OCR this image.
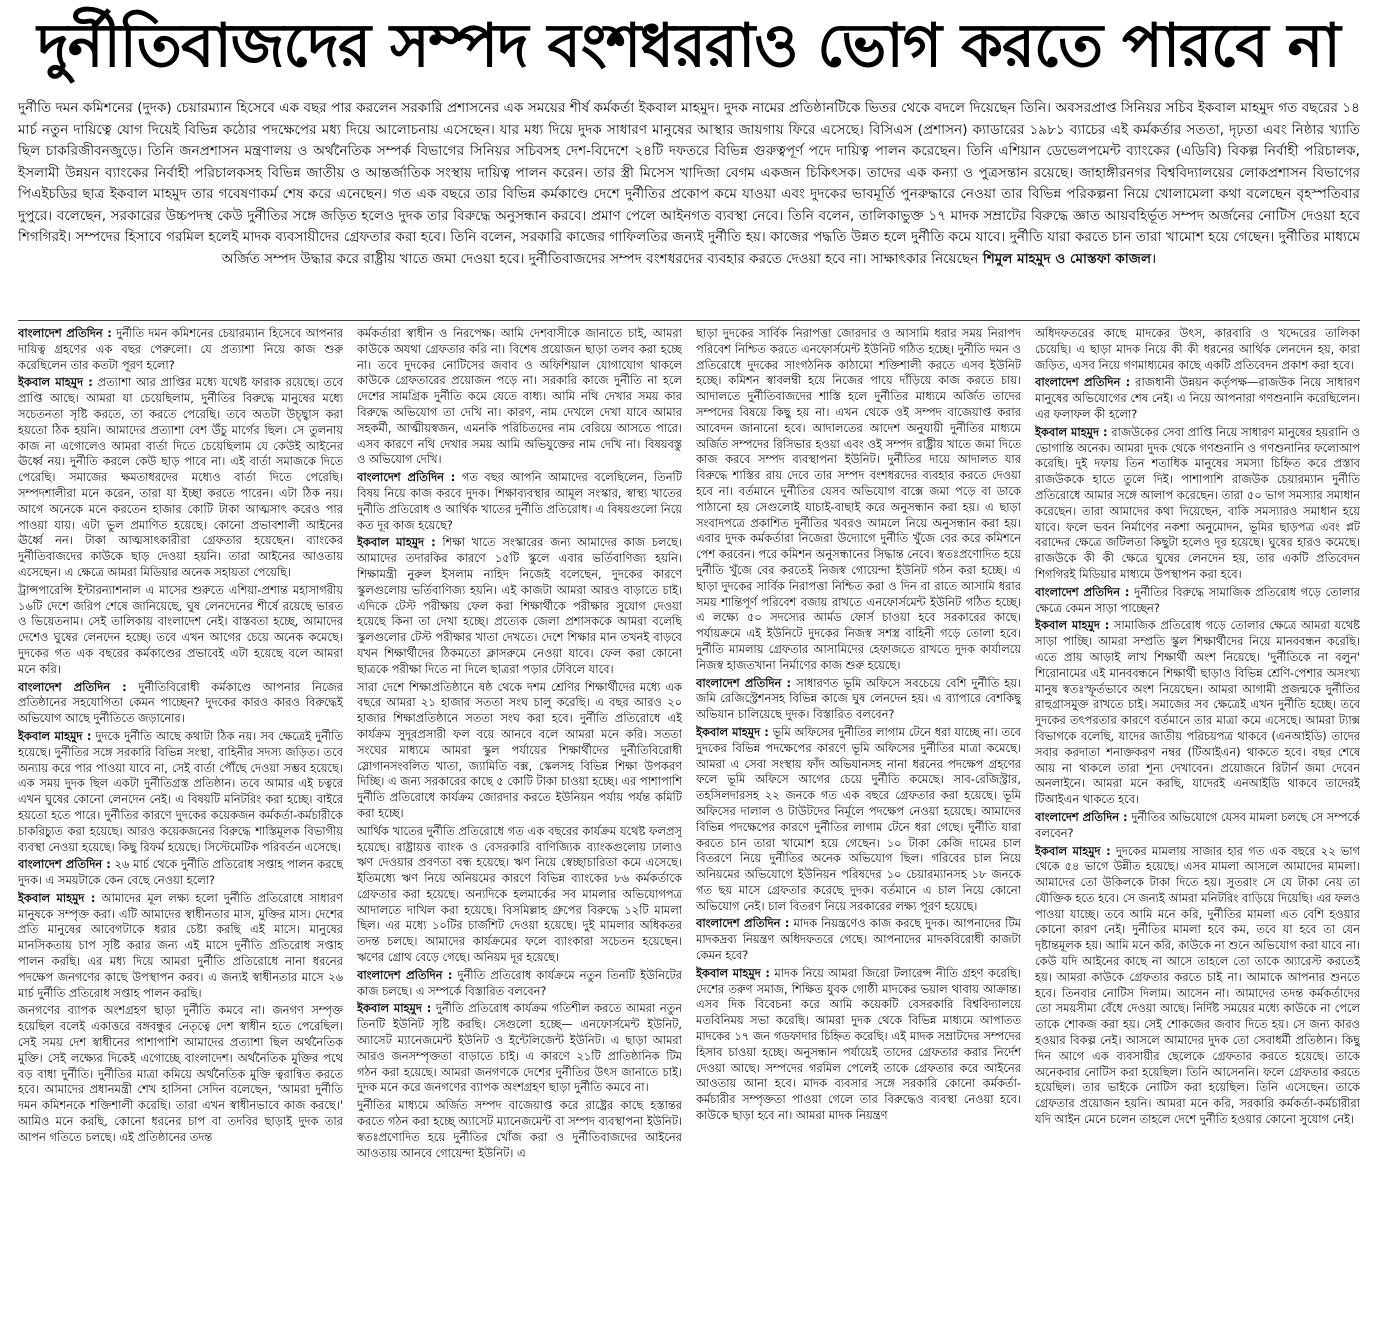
দুর্নীতিবাজদের সম্পদ বংশধররাও ভোগ করতে পারবে না
দুর্নীতি দমন কমিশনের (দুদক) চেয়ারম্যান হিসেবে এক বছর পার করলেন সরকারি প্রশাসনের এক সময়ের শীর্ষ কর্মকর্তা ইকবাল মাহমুদ। দুদক নামের প্রতিষ্ঠানটিকে ভিতর থেকে বদলে দিয়েছেন তিনি। অবসরপ্রাপ্ত সিনিয়র সচিব ইকবাল মাহমুদ গত বছরের ১৪ মার্চ নতুন দায়িত্বে যোগ দিয়েই বিভিন্ন কঠোর পদক্ষেপের মধ্য দিয়ে আলোচনায় এসেছেন। যার মধ্য দিয়ে দুদক সাধারণ মানুষের আস্থার জায়গায় ফিরে এসেছে। বিসিএস (প্রশাসন) ক্যাডারের ১৯৮১ ব্যাচের এই কর্মকর্তার সততা, দৃঢ়তা এবং নিষ্ঠার খ্যাতি ছিল চাকরিজীবনজুড়ে। তিনি জনপ্রশাসন মন্ত্রণালয় ও অর্থনৈতিক সম্পর্ক বিভাগের সিনিয়র সচিবসহ দেশ-বিদেশে ২৪টি দফতরে বিভিন্ন গুরুত্বপূর্ণ পদে দায়িত্ব পালন করেছেন। তিনি এশিয়ান ডেভেলপমেন্ট ব্যাংকের (এডিবি) বিকল্প নির্বাহী পরিচালক, ইসলামী উন্নয়ন ব্যাংকের নির্বাহী পরিচালকসহ বিভিন্ন জাতীয় ও আন্তর্জাতিক সংস্থায় দায়িত্ব পালন করেন। তার স্ত্রী মিসেস খাদিজা বেগম একজন চিকিৎসক। তাদের এক কন্যা ও পুত্রসন্তান রয়েছে। জাহাঙ্গীরনগর বিশ্ববিদ্যালয়ের লোকপ্রশাসন বিভাগের পিএইচডির ছাত্র ইকবাল মাহমুদ তার গবেষণাকর্ম শেষ করে এনেছেন। গত এক বছরে তার বিভিন্ন কর্মকাণ্ডে দেশে দুর্নীতির প্রকোপ কমে যাওয়া এবং দুদকের ভাবমূর্তি পুনরুদ্ধারে নেওয়া তার বিভিন্ন পরিকল্পনা নিয়ে খোলামেলা কথা বলেছেন বৃহস্পতিবার দুপুরে। বলেছেন, সরকারের উচ্চপদস্থ কেউ দুর্নীতির সঙ্গে জড়িত হলেও দুদক তার বিরুদ্ধে অনুসন্ধান করবে। প্রমাণ পেলে আইনগত ব্যবস্থা নেবে। তিনি বলেন, তালিকাভুক্ত ১৭ মাদক সম্রাটের বিরুদ্ধে জ্ঞাত আয়বহির্ভূত সম্পদ অর্জনের নোটিস দেওয়া হবে শিগগিরই। সম্পদের হিসাবে গরমিল হলেই মাদক ব্যবসায়ীদের গ্রেফতার করা হবে। তিনি বলেন, সরকারি কাজের গাফিলতির জন্যই দুর্নীতি হয়। কাজের পদ্ধতি উন্নত হলে দুর্নীতি কমে যাবে। দুর্নীতি যারা করতে চান তারা খামোশ হয়ে গেছেন। দুর্নীতির মাধ্যমে অর্জিত সম্পদ উদ্ধার করে রাষ্ট্রীয় খাতে জমা দেওয়া হবে। দুর্নীতিবাজদের সম্পদ বংশধরদের ব্যবহার করতে দেওয়া হবে না। সাক্ষাৎকার নিয়েছেন শিমুল মাহমুদ ও মোস্তফা কাজল।

বাংলাদেশ প্রতিদিন : দুর্নীতি দমন কমিশনের চেয়ারম্যান হিসেবে আপনার দায়িত্ব গ্রহণের এক বছর পেরুলো। যে প্রত্যাশা নিয়ে কাজ শুরু করেছিলেন তার কতটা পূরণ হলো?

ইকবাল মাহমুদ : প্রত্যাশা আর প্রাপ্তির মধ্যে যথেষ্ট ফারাক রয়েছে। তবে প্রাপ্তি আছে। আমরা যা চেয়েছিলাম, দুর্নীতির বিরুদ্ধে মানুষের মধ্যে সচেতনতা সৃষ্টি করতে, তা করতে পেরেছি। তবে অতটা উচ্ছ্বাস করা হয়তো ঠিক হয়নি। আমাদের প্রত্যাশা বেশ উঁচু মার্গের ছিল। সে তুলনায় কাজ না এগোলেও আমরা বার্তা দিতে চেয়েছিলাম যে কেউই আইনের ঊর্ধ্বে নয়। দুর্নীতি করলে কেউ ছাড় পাবে না। এই বার্তা সমাজকে দিতে পেরেছি। সমাজের ক্ষমতাধরদের মধ্যেও বার্তা দিতে পেরেছি। সম্পদশালীরা মনে করেন, তারা যা ইচ্ছা করতে পারেন। এটা ঠিক নয়। আগে অনেকে মনে করতেন হাজার কোটি টাকা আত্মসাৎ করেও পার পাওয়া যায়। এটা ভুল প্রমাণিত হয়েছে। কোনো প্রভাবশালী আইনের ঊর্ধ্বে নন। টাকা আত্মসাৎকারীরা গ্রেফতার হয়েছেন। ব্যাংকের দুর্নীতিবাজদের কাউকে ছাড় দেওয়া হয়নি। তারা আইনের আওতায় এসেছেন। এ ক্ষেত্রে আমরা মিডিয়ার অনেক সহায়তা পেয়েছি।

ট্রান্সপারেন্সি ইন্টারন্যাশনাল এ মাসের শুরুতে এশিয়া-প্রশান্ত মহাসাগরীয় ১৬টি দেশে জরিপ শেষে জানিয়েছে, ঘুষ লেনদেনের শীর্ষে রয়েছে ভারত ও ভিয়েতনাম। সেই তালিকায় বাংলাদেশ নেই। বাস্তবতা হচ্ছে, আমাদের দেশেও ঘুষের লেনদেন হচ্ছে। তবে এখন আগের চেয়ে অনেক কমেছে। দুদকের গত এক বছরের কর্মকাণ্ডের প্রভাবেই এটা হয়েছে বলে আমরা মনে করি।

বাংলাদেশ প্রতিদিন : দুর্নীতিবিরোধী কর্মকাণ্ডে আপনার নিজের প্রতিষ্ঠানের সহযোগিতা কেমন পাচ্ছেন? দুদকের কারও কারও বিরুদ্ধেই অভিযোগ আছে দুর্নীতিতে জড়ানোর।

ইকবাল মাহমুদ : দুদকে দুর্নীতি আছে কথাটা ঠিক নয়। সব ক্ষেত্রেই দুর্নীতি হয়েছে। দুর্নীতির সঙ্গে সরকারি বিভিন্ন সংস্থা, বাহিনীর সদস্য জড়িত। তবে অন্যায় করে পার পাওয়া যাবে না, সেই বার্তা পৌঁছে দেওয়া সম্ভব হয়েছে। এক সময় দুদক ছিল একটা দুর্নীতিগ্রস্ত প্রতিষ্ঠান। তবে আমার এই চত্বরে এখন ঘুষের কোনো লেনদেন নেই। এ বিষয়টি মনিটরিং করা হচ্ছে। বাইরে হয়তো হতে পারে। দুর্নীতির কারণে দুদকের কয়েকজন কর্মকর্তা-কর্মচারীকে চাকরিচ্যুত করা হয়েছে। আরও কয়েকজনের বিরুদ্ধে শাস্তিমূলক বিভাগীয় ব্যবস্থা নেওয়া হয়েছে। কিছু রিফর্ম হয়েছে। সিস্টেমেটিক পরিবর্তন এসেছে।

বাংলাদেশ প্রতিদিন : ২৬ মার্চ থেকে দুর্নীতি প্রতিরোধ সপ্তাহ পালন করছে দুদক। এ সময়টাকে কেন বেছে নেওয়া হলো?

ইকবাল মাহমুদ : আমাদের মূল লক্ষ্য হলো দুর্নীতি প্রতিরোধে সাধারণ মানুষকে সম্পৃক্ত করা। এটি আমাদের স্বাধীনতার মাস, মুক্তির মাস। দেশের প্রতি মানুষের আবেগটাকে ধরার চেষ্টা করছি এই মাসে। মানুষের মানসিকতায় চাপ সৃষ্টি করার জন্য এই মাসে দুর্নীতি প্রতিরোধ সপ্তাহ পালন করছি। এর মধ্য দিয়ে আমরা দুর্নীতি প্রতিরোধে নানা ধরনের পদক্ষেপ জনগণের কাছে উপস্থাপন করব। এ জন্যই স্বাধীনতার মাসে ২৬ মার্চ দুর্নীতি প্রতিরোধ সপ্তাহ পালন করছি।

জনগণের ব্যাপক অংশগ্রহণ ছাড়া দুর্নীতি কমবে না। জনগণ সম্পৃক্ত হয়েছিল বলেই একাত্তরে বঙ্গবন্ধুর নেতৃত্বে দেশ স্বাধীন হতে পেরেছিল। সেই সময় দেশ স্বাধীনের পাশাপাশি আমাদের প্রত্যাশা ছিল অর্থনৈতিক মুক্তি। সেই লক্ষ্যের দিকেই এগোচ্ছে বাংলাদেশ। অর্থনৈতিক মুক্তির পথে বড় বাধা দুর্নীতি। দুর্নীতির মাত্রা কমিয়ে অর্থনৈতিক মুক্তি ত্বরান্বিত করতে হবে। আমাদের প্রধানমন্ত্রী শেখ হাসিনা সেদিন বলেছেন, 'আমরা দুর্নীতি দমন কমিশনকে শক্তিশালী করেছি। তারা এখন স্বাধীনভাবে কাজ করছে।' আমিও মনে করছি, কোনো ধরনের চাপ বা তদবির ছাড়াই দুদক তার আপন গতিতে চলছে। এই প্রতিষ্ঠানের তদন্ত

কর্মকর্তারা স্বাধীন ও নিরপেক্ষ। আমি দেশবাসীকে জানাতে চাই, আমরা কাউকে অযথা গ্রেফতার করি না। বিশেষ প্রয়োজন ছাড়া তলব করা হচ্ছে না। তবে দুদকের নোটিসের জবাব ও অফিশিয়াল যোগাযোগ থাকলে কাউকে গ্রেফতারের প্রয়োজন পড়ে না। সরকারি কাজে দুর্নীতি না হলে দেশের সামগ্রিক দুর্নীতি কমে যেতে বাধ্য। আমি নথি দেখার সময় কার বিরুদ্ধে অভিযোগ তা দেখি না। কারণ, নাম দেখলে দেখা যাবে আমার সহকর্মী, আত্মীয়স্বজন, এমনকি পরিচিতদের নাম বেরিয়ে আসতে পারে। এসব কারণে নথি দেখার সময় আমি অভিযুক্তের নাম দেখি না। বিষয়বস্তু ও অভিযোগ দেখি।

বাংলাদেশ প্রতিদিন : গত বছর আপনি আমাদের বলেছিলেন, তিনটি বিষয় নিয়ে কাজ করবে দুদক। শিক্ষাব্যবস্থার আমূল সংস্কার, স্বাস্থ্য খাতের দুর্নীতি প্রতিরোধ ও আর্থিক খাতের দুর্নীতি প্রতিরোধ। এ বিষয়গুলো নিয়ে কত দূর কাজ হয়েছে?

ইকবাল মাহমুদ : শিক্ষা খাতে সংস্কারের জন্য আমাদের কাজ চলছে। আমাদের তদারকির কারণে ১৫টি স্কুলে এবার ভর্তিবাণিজ্য হয়নি। শিক্ষামন্ত্রী নুরুল ইসলাম নাহিদ নিজেই বলেছেন, দুদকের কারণে স্কুলগুলোয় ভর্তিবাণিজ্য হয়নি। এই কাজটা আমরা আরও বাড়াতে চাই। এদিকে টেস্ট পরীক্ষায় ফেল করা শিক্ষার্থীকে পরীক্ষার সুযোগ দেওয়া হয়েছে কিনা তা দেখা হচ্ছে। প্রত্যেক জেলা প্রশাসককে আমরা বলেছি স্কুলগুলোর টেস্ট পরীক্ষার খাতা দেখতে। দেশে শিক্ষার মান তখনই বাড়বে যখন শিক্ষার্থীদের ঠিকমতো ক্লাসরুমে নেওয়া যাবে। ফেল করা কোনো ছাত্রকে পরীক্ষা দিতে না দিলে ছাত্ররা পড়ার টেবিলে যাবে।

সারা দেশে শিক্ষাপ্রতিষ্ঠানে ষষ্ঠ থেকে দশম শ্রেণির শিক্ষার্থীদের মধ্যে এক বছরে আমরা ২১ হাজার সততা সংঘ চালু করেছি। এ বছর আরও ২০ হাজার শিক্ষাপ্রতিষ্ঠানে সততা সংঘ করা হবে। দুর্নীতি প্রতিরোধে এই কার্যক্রম সুদূরপ্রসারী ফল বয়ে আনবে বলে আমরা মনে করি। সততা সংঘের মাধ্যমে আমরা স্কুল পর্যায়ের শিক্ষার্থীদের দুর্নীতিবিরোধী স্লোগানসংবলিত খাতা, জ্যামিতি বক্স, স্কেলসহ বিভিন্ন শিক্ষা উপকরণ দিচ্ছি। এ জন্য সরকারের কাছে ৫ কোটি টাকা চাওয়া হচ্ছে। এর পাশাপাশি দুর্নীতি প্রতিরোধে কার্যক্রম জোরদার করতে ইউনিয়ন পর্যায় পর্যন্ত কমিটি করা হচ্ছে।

আর্থিক খাতের দুর্নীতি প্রতিরোধে গত এক বছরের কার্যক্রম যথেষ্ট ফলপ্রসূ হয়েছে। রাষ্ট্রায়ত্ত ব্যাংক ও বেসরকারি বাণিজ্যিক ব্যাংকগুলোয় ঢালাও ঋণ দেওয়ার প্রবণতা বন্ধ হয়েছে। ঋণ নিয়ে স্বেচ্ছাচারিতা কমে এসেছে। ইতিমধ্যে ঋণ নিয়ে অনিয়মের কারণে বিভিন্ন ব্যাংকের ৮৬ কর্মকর্তাকে গ্রেফতার করা হয়েছে। অন্যদিকে হলমার্কের সব মামলার অভিযোগপত্র আদালতে দাখিল করা হয়েছে। বিসমিল্লাহ গ্রুপের বিরুদ্ধে ১২টি মামলা ছিল। এর মধ্যে ১০টির চার্জশিট দেওয়া হয়েছে। দুই মামলার অধিকতর তদন্ত চলছে। আমাদের কার্যক্রমের ফলে ব্যাংকারা সচেতন হয়েছেন। ঋণের গ্রোথ বেড়ে গেছে। অনিয়ম দূর হয়েছে।

বাংলাদেশ প্রতিদিন : দুর্নীতি প্রতিরোধ কার্যক্রমে নতুন তিনটি ইউনিটের কাজ চলছে। এ সম্পর্কে বিস্তারিত বলবেন?

ইকবাল মাহমুদ : দুর্নীতি প্রতিরোধ কার্যক্রম গতিশীল করতে আমরা নতুন তিনটি ইউনিট সৃষ্টি করছি। সেগুলো হচ্ছে— এনফোর্সমেন্ট ইউনিট, অ্যাসেট ম্যানেজমেন্ট ইউনিট ও ইন্টেলিজেন্ট ইউনিট। এ ছাড়া আমরা আরও জনসম্পৃক্ততা বাড়াতে চাই। এ কারণে ২১টি প্রাতিষ্ঠানিক টিম গঠন করা হয়েছে। আমরা জনগণকে দেশের দুর্নীতির উৎস জানাতে চাই। দুদক মনে করে জনগণের ব্যাপক অংশগ্রহণ ছাড়া দুর্নীতি কমবে না।

দুর্নীতির মাধ্যমে অর্জিত সম্পদ বাজেয়াপ্ত করে রাষ্ট্রের কাছে হস্তান্তর করতে গঠন করা হচ্ছে অ্যাসেট ম্যানেজমেন্ট বা সম্পদ ব্যবস্থাপনা ইউনিট। স্বতঃপ্রণোদিত হয়ে দুর্নীতির খোঁজ করা ও দুর্নীতিবাজদের আইনের আওতায় আনবে গোয়েন্দা ইউনিট। এ

ছাড়া দুদকের সার্বিক নিরাপত্তা জোরদার ও আসামি ধরার সময় নিরাপদ পরিবেশ নিশ্চিত করতে এনফোর্সমেন্ট ইউনিট গঠিত হচ্ছে। দুর্নীতি দমন ও প্রতিরোধে দুদকের সাংগঠনিক কাঠামো শক্তিশালী করতে এসব ইউনিট হচ্ছে। কমিশন স্বাবলম্বী হয়ে নিজের পায়ে দাঁড়িয়ে কাজ করতে চায়। আদালতে দুর্নীতিবাজদের শাস্তি হলে দুর্নীতির মাধ্যমে অর্জিত তাদের সম্পদের বিষয়ে কিছু হয় না। এখন থেকে ওই সম্পদ বাজেয়াপ্ত করার আবেদন জানানো হবে। আদালতের আদেশ অনুযায়ী দুর্নীতির মাধ্যমে অর্জিত সম্পদের রিসিভার হওয়া এবং ওই সম্পদ রাষ্ট্রীয় খাতে জমা দিতে কাজ করবে সম্পদ ব্যবস্থাপনা ইউনিট। দুর্নীতির দায়ে আদালত যার বিরুদ্ধে শাস্তির রায় দেবে তার সম্পদ বংশধরদের ব্যবহার করতে দেওয়া হবে না। বর্তমানে দুর্নীতির যেসব অভিযোগ বাক্সে জমা পড়ে বা ডাকে পাঠানো হয় সেগুলোই যাচাই-বাছাই করে অনুসন্ধান করা হয়। এ ছাড়া সংবাদপত্রে প্রকাশিত দুর্নীতির খবরও আমলে নিয়ে অনুসন্ধান করা হয়। এবার দুদক কর্মকর্তারা নিজেরা উদ্যোগে দুর্নীতি খুঁজে বের করে কমিশনে পেশ করবেন। পরে কমিশন অনুসন্ধানের সিদ্ধান্ত নেবে। স্বতঃপ্রণোদিত হয়ে দুর্নীতি খুঁজে বের করতেই নিজস্ব গোয়েন্দা ইউনিট গঠন করা হচ্ছে। এ ছাড়া দুদকের সার্বিক নিরাপত্তা নিশ্চিত করা ও দিন বা রাতে আসামি ধরার সময় শান্তিপূর্ণ পরিবেশ বজায় রাখতে এনফোর্সমেন্ট ইউনিট গঠিত হচ্ছে। এ লক্ষ্যে ৫০ সদস্যের আর্মড ফোর্স চাওয়া হবে সরকারের কাছে। পর্যায়ক্রমে এই ইউনিটে দুদকের নিজস্ব সশস্ত্র বাহিনী গড়ে তোলা হবে। দুর্নীতি মামলায় গ্রেফতার আসামিদের হেফাজতে রাখতে দুদক কার্যালয়ে নিজস্ব হাজতখানা নির্মাণের কাজ শুরু হয়েছে।

বাংলাদেশ প্রতিদিন : সাধারণত ভূমি অফিসে সবচেয়ে বেশি দুর্নীতি হয়। জমি রেজিস্ট্রেশনসহ বিভিন্ন কাজে ঘুষ লেনদেন হয়। এ ব্যাপারে বেশকিছু অভিযান চালিয়েছে দুদক। বিস্তারিত বলবেন?

ইকবাল মাহমুদ : ভূমি অফিসের দুর্নীতির লাগাম টেনে ধরা যাচ্ছে না। তবে দুদকের বিভিন্ন পদক্ষেপের কারণে ভূমি অফিসের দুর্নীতির মাত্রা কমেছে। আমরা এ সেবা সংস্থায় ফাঁদ অভিযানসহ নানা ধরনের পদক্ষেপ গ্রহণের ফলে ভূমি অফিসে আগের চেয়ে দুর্নীতি কমেছে। সাব-রেজিস্ট্রার, তহসিলদারসহ ২২ জনকে গত এক বছরে গ্রেফতার করা হয়েছে। ভূমি অফিসের দালাল ও টাউটদের নির্মূলে পদক্ষেপ নেওয়া হয়েছে। আমাদের বিভিন্ন পদক্ষেপের কারণে দুর্নীতির লাগাম টেনে ধরা গেছে। দুর্নীতি যারা করতে চান তারা খামোশ হয়ে গেছেন। ১০ টাকা কেজি দামের চাল বিতরণে নিয়ে দুর্নীতির অনেক অভিযোগ ছিল। গরিবের চাল নিয়ে অনিয়মের অভিযোগে ইউনিয়ন পরিষদের ১০ চেয়ারম্যানসহ ১৮ জনকে গত ছয় মাসে গ্রেফতার করেছে দুদক। বর্তমানে এ চাল নিয়ে কোনো অভিযোগ নেই। চাল বিতরণ নিয়ে সরকারের লক্ষ্য পূরণ হয়েছে।

বাংলাদেশ প্রতিদিন : মাদক নিয়ন্ত্রণেও কাজ করছে দুদক। আপনাদের টিম মাদকদ্রব্য নিয়ন্ত্রণ অধিদফতরে গেছে। আপনাদের মাদকবিরোধী কাজটা কেমন হবে?

ইকবাল মাহমুদ : মাদক নিয়ে আমরা জিরো টলারেন্স নীতি গ্রহণ করেছি। দেশের তরুণ সমাজ, শিক্ষিত যুবক গোষ্ঠী মাদকের ভয়াল থাবায় আক্রান্ত। এসব দিক বিবেচনা করে আমি কয়েকটি বেসরকারি বিশ্ববিদ্যালয়ে মতবিনিময় সভা করেছি। আমরা দুদক থেকে বিভিন্ন মাধ্যমে আপাতত মাদকের ১৭ জন গডফাদার চিহ্নিত করেছি। এই মাদক সম্রাটদের সম্পদের হিসাব চাওয়া হচ্ছে। অনুসন্ধান পর্যায়েই তাদের গ্রেফতার করার নির্দেশ দেওয়া আছে। সম্পদের গরমিল পেলেই তাকে গ্রেফতার করে আইনের আওতায় আনা হবে। মাদক ব্যবসার সঙ্গে সরকারি কোনো কর্মকর্তা-কর্মচারীর সম্পৃক্ততা পাওয়া গেলে তার বিরুদ্ধেও ব্যবস্থা নেওয়া হবে। কাউকে ছাড়া হবে না। আমরা মাদক নিয়ন্ত্রণ

অধিদফতরের কাছে মাদকের উৎস, কারবারি ও খদ্দেরের তালিকা চেয়েছি। এ ছাড়া মাদক নিয়ে কী কী ধরনের আর্থিক লেনদেন হয়, কারা জড়িত, এসব নিয়ে গণমাধ্যমের কাছে একটি প্রতিবেদন প্রকাশ করা হবে।

বাংলাদেশ প্রতিদিন : রাজধানী উন্নয়ন কর্তৃপক্ষ—রাজউক নিয়ে সাধারণ মানুষের অভিযোগের শেষ নেই। এ নিয়ে আপনারা গণশুনানি করেছিলেন। এর ফলাফল কী হলো?

ইকবাল মাহমুদ : রাজউকের সেবা প্রাপ্তি নিয়ে সাধারণ মানুষের হয়রানি ও ভোগান্তি অনেক। আমরা দুদক থেকে গণশুনানি ও গণশুনানির ফলোআপ করেছি। দুই দফায় তিন শতাধিক মানুষের সমস্যা চিহ্নিত করে প্রস্তাব রাজউককে হাতে তুলে দিই। পাশাপাশি রাজউক চেয়ারম্যান দুর্নীতি প্রতিরোধে আমার সঙ্গে আলাপ করেছেন। তারা ৫০ ভাগ সমস্যার সমাধান করেছেন। তারা আমাদের কথা দিয়েছেন, বাকি সমস্যারও সমাধান হয়ে যাবে। ফলে ভবন নির্মাণের নকশা অনুমোদন, ভূমির ছাড়পত্র এবং প্লট বরাদ্দের ক্ষেত্রে জটিলতা কিছুটা হলেও দূর হয়েছে। ঘুষের হারও কমেছে। রাজউকে কী কী ক্ষেত্রে ঘুষের লেনদেন হয়, তার একটি প্রতিবেদন শিগগিরই মিডিয়ার মাধ্যমে উপস্থাপন করা হবে।

বাংলাদেশ প্রতিদিন : দুর্নীতির বিরুদ্ধে সামাজিক প্রতিরোধ গড়ে তোলার ক্ষেত্রে কেমন সাড়া পাচ্ছেন?

ইকবাল মাহমুদ : সামাজিক প্রতিরোধ গড়ে তোলার ক্ষেত্রে আমরা যথেষ্ট সাড়া পাচ্ছি। আমরা সম্প্রতি স্কুল শিক্ষার্থীদের নিয়ে মানববন্ধন করেছি। এতে প্রায় আড়াই লাখ শিক্ষার্থী অংশ নিয়েছে। 'দুর্নীতিকে না বলুন' শিরোনামের এই মানববন্ধনে শিক্ষার্থী ছাড়াও বিভিন্ন শ্রেণি-পেশার অসংখ্য মানুষ স্বতঃস্ফূর্তভাবে অংশ নিয়েছেন। আমরা আগামী প্রজন্মকে দুর্নীতির রাহুগ্রাসমুক্ত রাখতে চাই। সমাজের সব ক্ষেত্রেই এখন দুর্নীতি হচ্ছে। তবে দুদকের তৎপরতার কারণে বর্তমানে তার মাত্রা কমে এসেছে। আমরা ট্যাক্স বিভাগকে বলেছি, যাদের জাতীয় পরিচয়পত্র থাকবে (এনআইডি) তাদের সবার করদাতা শনাক্তকরণ নম্বর (টিআইএন) থাকতে হবে। বছর শেষে আয় না থাকলে তারা শূন্য দেখাবেন। প্রয়োজনে রিটার্ন জমা দেবেন অনলাইনে। আমরা মনে করছি, যাদেরই এনআইডি থাকবে তাদেরই টিআইএন থাকতে হবে।

বাংলাদেশ প্রতিদিন : দুর্নীতির অভিযোগে যেসব মামলা চলছে সে সম্পর্কে বলবেন?

ইকবাল মাহমুদ : দুদকের মামলায় সাজার হার গত এক বছরে ২২ ভাগ থেকে ৫৪ ভাগে উন্নীত হয়েছে। এসব মামলা আসলে আমাদের মামলা। আমাদের তো উকিলকে টাকা দিতে হয়। সুতরাং সে যে টাকা নেয় তা যৌক্তিক হতে হবে। সে জন্যই আমরা মনিটরিং বাড়িয়ে দিয়েছি। এর ফলও পাওয়া যাচ্ছে। তবে আমি মনে করি, দুর্নীতির মামলা এত বেশি হওয়ার কোনো কারণ নেই। দুর্নীতির মামলা হবে কম, তবে যা হবে তা যেন দৃষ্টান্তমূলক হয়। আমি মনে করি, কাউকে না শুনে অভিযোগ করা যাবে না। কেউ যদি আইনের কাছে না আসে তাহলে তো তাকে অ্যারেস্ট করতেই হয়। আমরা কাউকে গ্রেফতার করতে চাই না। আমাকে আপনার শুনতে হবে। তিনবার নোটিস দিলাম। আসেন না। আমাদের তদন্ত কর্মকর্তাদের তো সময়সীমা বেঁধে দেওয়া আছে। নির্দিষ্ট সময়ের মধ্যে কাউকে না পেলে তাকে শোকজ করা হয়। সেই শোকজের জবাব দিতে হয়। সে জন্য কারও হওয়ার বিকল্প নেই। আসলে আমাদের দুদক তো সেবাধর্মী প্রতিষ্ঠান। কিছু দিন আগে এক ব্যবসায়ীর ছেলেকে গ্রেফতার করতে হয়েছে। তাকে অনেকবার নোটিস করা হয়েছিল। তিনি আসেননি। ফলে গ্রেফতার করতে হয়েছিল। তার ভাইকে নোটিস করা হয়েছিল। তিনি এসেছেন। তাকে গ্রেফতার প্রয়োজন হয়নি। আমরা মনে করি, সরকারি কর্মকর্তা-কর্মচারীরা যদি আইন মেনে চলেন তাহলে দেশে দুর্নীতি হওয়ার কোনো সুযোগ নেই।
